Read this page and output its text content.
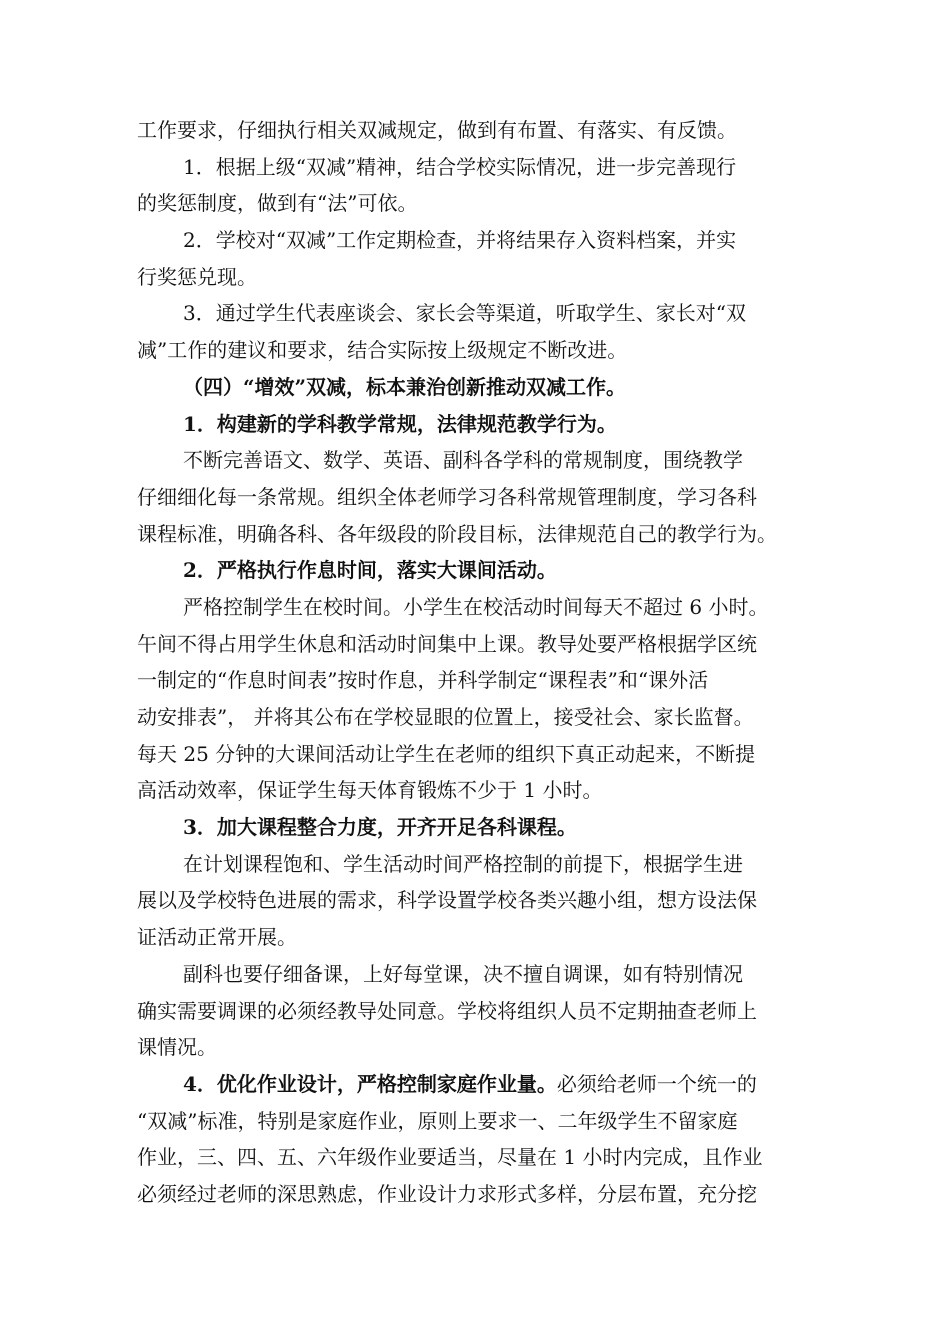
工作要求，仔细执行相关双减规定，做到有布置、有落实、有反馈。
1．根据上级“双减”精神，结合学校实际情况，进一步完善现行
的奖惩制度，做到有“法”可依。
2．学校对“双减”工作定期检查，并将结果存入资料档案，并实
行奖惩兑现。
3．通过学生代表座谈会、家长会等渠道，听取学生、家长对“双
减”工作的建议和要求，结合实际按上级规定不断改进。
（四）“增效”双减，标本兼治创新推动双减工作。
1．构建新的学科教学常规，法律规范教学行为。
不断完善语文、数学、英语、副科各学科的常规制度，围绕教学
仔细细化每一条常规。组织全体老师学习各科常规管理制度，学习各科
课程标准，明确各科、各年级段的阶段目标，法律规范自己的教学行为。
2．严格执行作息时间，落实大课间活动。
严格控制学生在校时间。小学生在校活动时间每天不超过 6 小时。
午间不得占用学生休息和活动时间集中上课。教导处要严格根据学区统
一制定的“作息时间表”按时作息，并科学制定“课程表”和“课外活
动安排表”， 并将其公布在学校显眼的位置上，接受社会、家长监督。
每天 25 分钟的大课间活动让学生在老师的组织下真正动起来，不断提
高活动效率，保证学生每天体育锻炼不少于 1 小时。
3．加大课程整合力度，开齐开足各科课程。
在计划课程饱和、学生活动时间严格控制的前提下，根据学生进
展以及学校特色进展的需求，科学设置学校各类兴趣小组，想方设法保
证活动正常开展。
副科也要仔细备课，上好每堂课，决不擅自调课，如有特别情况
确实需要调课的必须经教导处同意。学校将组织人员不定期抽查老师上
课情况。
4．优化作业设计，严格控制家庭作业量。必须给老师一个统一的
“双减”标准，特别是家庭作业，原则上要求一、二年级学生不留家庭
作业，三、四、五、六年级作业要适当，尽量在 1 小时内完成，且作业
必须经过老师的深思熟虑，作业设计力求形式多样，分层布置，充分挖
